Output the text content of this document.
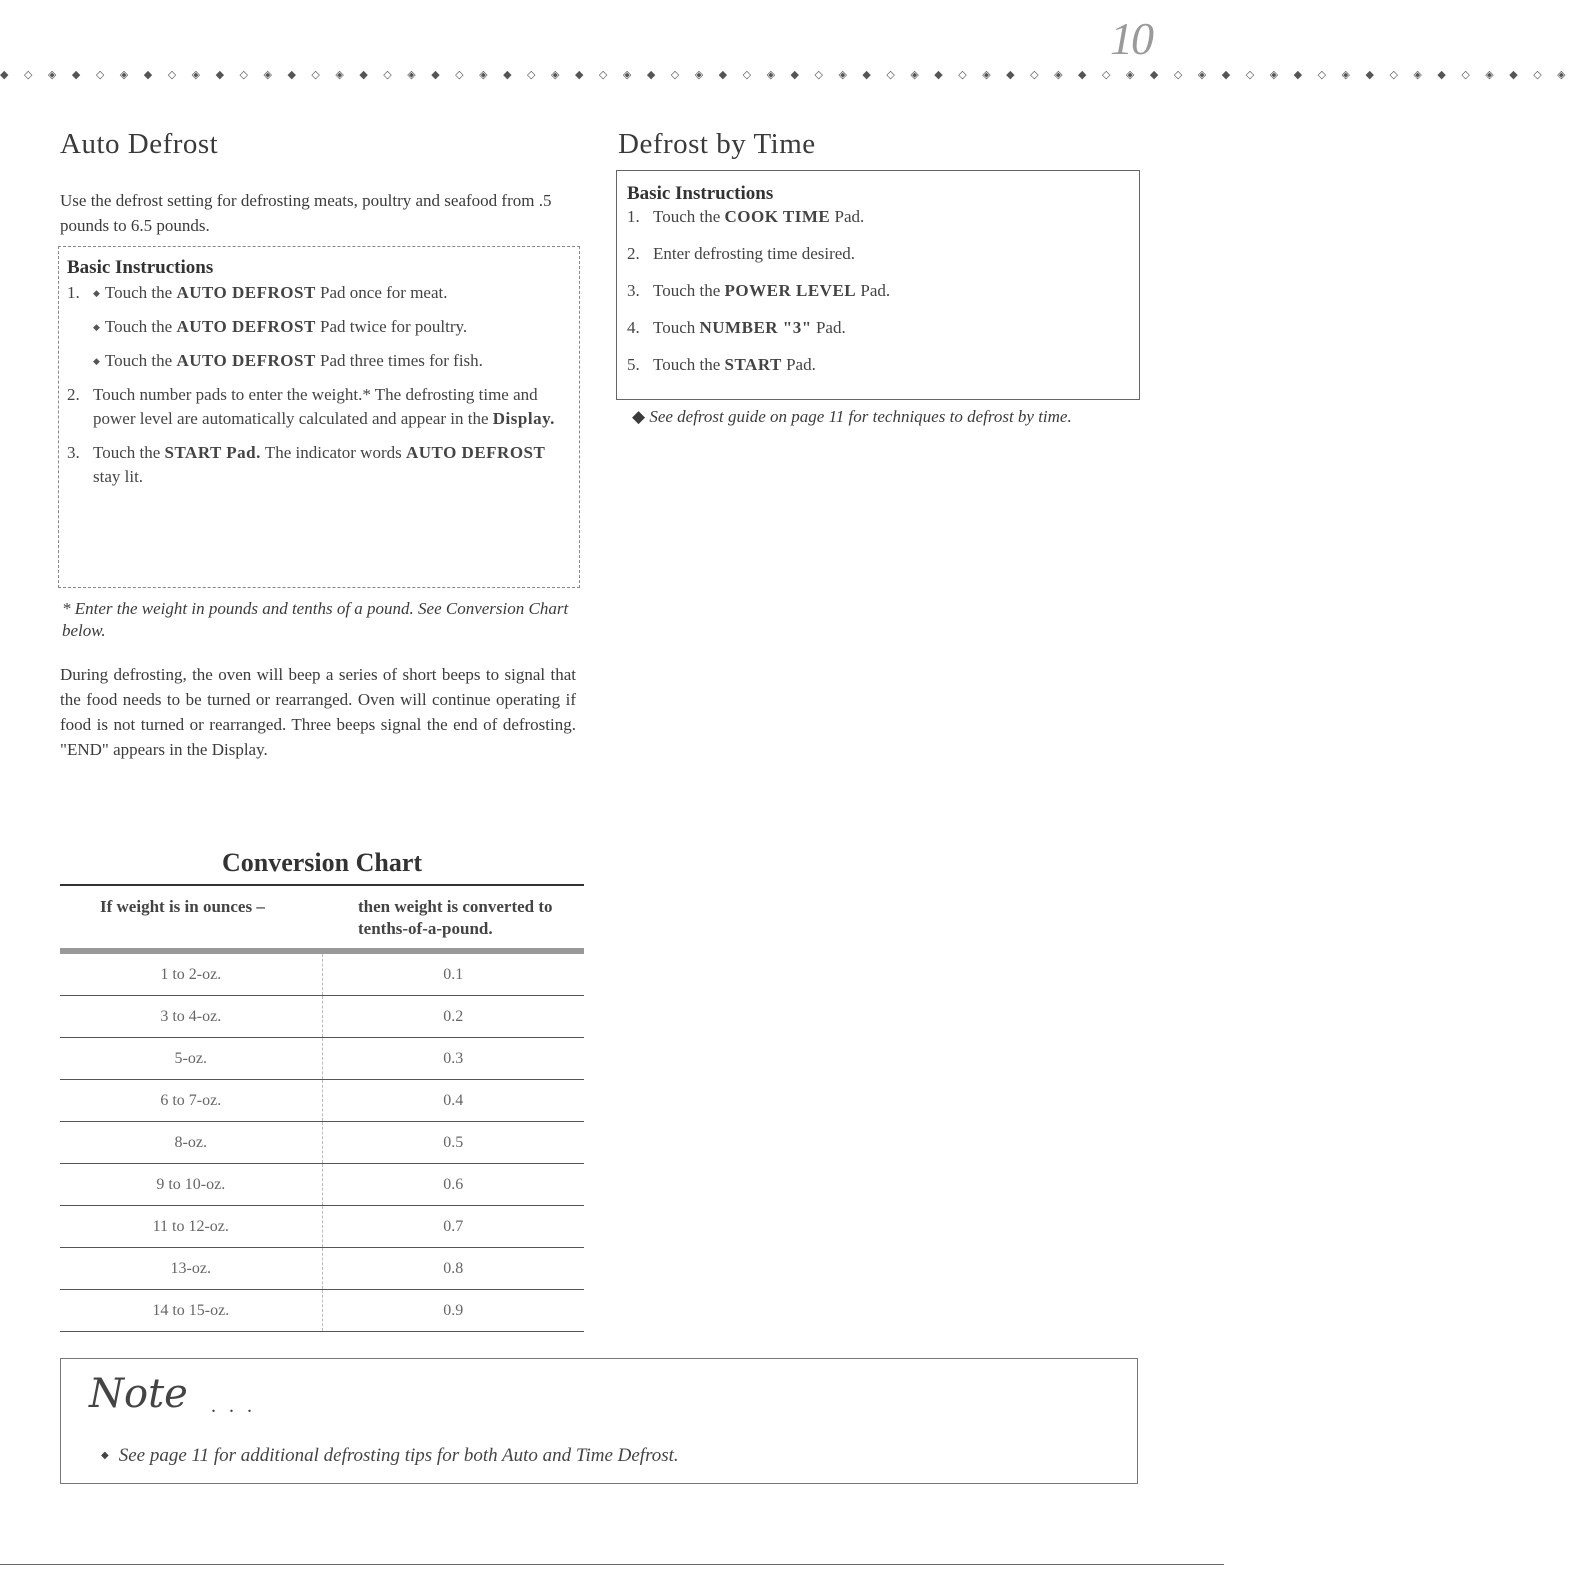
10
◆ ◇ ◈ ◆ ◇ ◈ ◆ ◇ ◈ ◆ ◇ ◈ ◆ ◇ ◈ ◆ ◇ ◈ ◆ ◇ ◈ ◆ ◇ ◈ ◆ ◇ ◈ ◆ ◇ ◈ ◆ ◇ ◈ ◆ ◇ ◈ ◆ ◇ ◈ ◆ ◇ ◈ ◆ ◇ ◈ ◆ ◇ ◈ ◆ ◇ ◈ ◆ ◇ ◈ ◆ ◇ ◈ ◆ ◇ ◈ ◆ ◇ ◈ ◆ ◇ ◈
Auto Defrost

Use the defrost setting for defrosting meats, poultry and seafood from .5 pounds to 6.5 pounds.

Basic Instructions
1.	◆ Touch the AUTO DEFROST Pad once for meat.
◆ Touch the AUTO DEFROST Pad twice for poultry.
◆ Touch the AUTO DEFROST Pad three times for fish.
2. Touch number pads to enter the weight.* The defrosting time and power level are automatically calculated and appear in the Display.
3. Touch the START Pad. The indicator words AUTO DEFROST stay lit.

* Enter the weight in pounds and tenths of a pound. See Conversion Chart below.

During defrosting, the oven will beep a series of short beeps to signal that the food needs to be turned or rearranged. Oven will continue operating if food is not turned or rearranged. Three beeps signal the end of defrosting. "END" appears in the Display.

Defrost by Time
Basic Instructions
1. Touch the COOK TIME Pad.
2. Enter defrosting time desired.
3. Touch the POWER LEVEL Pad.
4. Touch NUMBER "3" Pad.
5. Touch the START Pad.

◆ See defrost guide on page 11 for techniques to defrost by time.

Conversion Chart
If weight is in ounces –	then weight is converted to tenths-of-a-pound.
1 to 2-oz.	0.1
3 to 4-oz.	0.2
5-oz.	0.3
6 to 7-oz.	0.4
8-oz.	0.5
9 to 10-oz.	0.6
11 to 12-oz.	0.7
13-oz.	0.8
14 to 15-oz.	0.9
Note . . .
◆ See page 11 for additional defrosting tips for both Auto and Time Defrost.
